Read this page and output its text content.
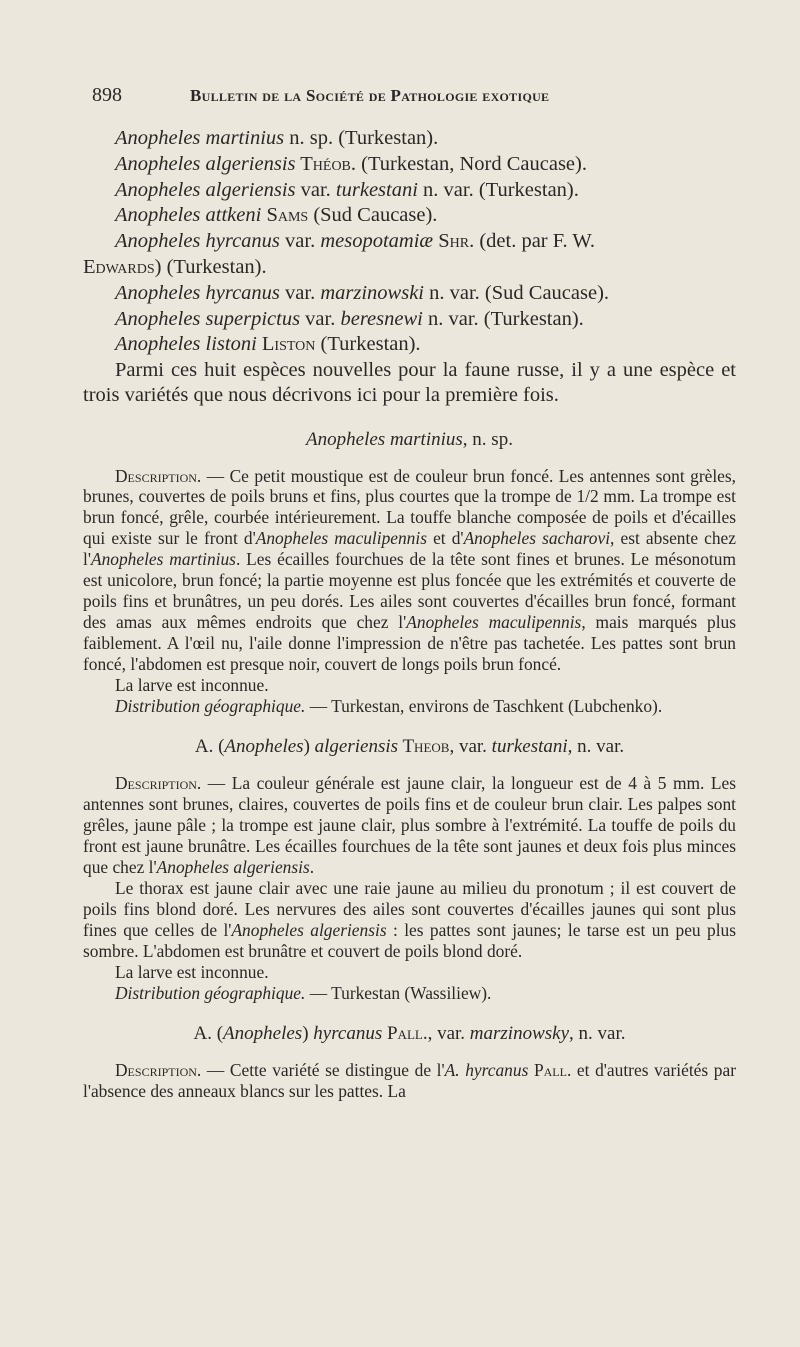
898	Bulletin de la Société de Pathologie exotique
Anopheles martinius n. sp. (Turkestan).
Anopheles algeriensis Théob. (Turkestan, Nord Caucase).
Anopheles algeriensis var. turkestani n. var. (Turkestan).
Anopheles attkeni Sams (Sud Caucase).
Anopheles hyrcanus var. mesopotamiæ Shr. (det. par F. W.
Edwards) (Turkestan).
Anopheles hyrcanus var. marzinowski n. var. (Sud Caucase).
Anopheles superpictus var. beresnewi n. var. (Turkestan).
Anopheles listoni Liston (Turkestan).

Parmi ces huit espèces nouvelles pour la faune russe, il y a une espèce et trois variétés que nous décrivons ici pour la première fois.

Anopheles martinius, n. sp.

Description. — Ce petit moustique est de couleur brun foncé. Les antennes sont grèles, brunes, couvertes de poils bruns et fins, plus courtes que la trompe de 1/2 mm. La trompe est brun foncé, grêle, courbée intérieurement. La touffe blanche composée de poils et d'écailles qui existe sur le front d'Anopheles maculipennis et d'Anopheles sacharovi, est absente chez l'Anopheles martinius. Les écailles fourchues de la tête sont fines et brunes. Le mésonotum est unicolore, brun foncé; la partie moyenne est plus foncée que les extrémités et couverte de poils fins et brunâtres, un peu dorés. Les ailes sont couvertes d'écailles brun foncé, formant des amas aux mêmes endroits que chez l'Anopheles maculipennis, mais marqués plus faiblement. A l'œil nu, l'aile donne l'impression de n'être pas tachetée. Les pattes sont brun foncé, l'abdomen est presque noir, couvert de longs poils brun foncé.

La larve est inconnue.

Distribution géographique. — Turkestan, environs de Taschkent (Lubchenko).

A. (Anopheles) algeriensis Theob, var. turkestani, n. var.

Description. — La couleur générale est jaune clair, la longueur est de 4 à 5 mm. Les antennes sont brunes, claires, couvertes de poils fins et de couleur brun clair. Les palpes sont grêles, jaune pâle ; la trompe est jaune clair, plus sombre à l'extrémité. La touffe de poils du front est jaune brunâtre. Les écailles fourchues de la tête sont jaunes et deux fois plus minces que chez l'Anopheles algeriensis.

Le thorax est jaune clair avec une raie jaune au milieu du pronotum ; il est couvert de poils fins blond doré. Les nervures des ailes sont couvertes d'écailles jaunes qui sont plus fines que celles de l'Anopheles algeriensis : les pattes sont jaunes; le tarse est un peu plus sombre. L'abdomen est brunâtre et couvert de poils blond doré.

La larve est inconnue.

Distribution géographique. — Turkestan (Wassiliew).

A. (Anopheles) hyrcanus Pall., var. marzinowsky, n. var.

Description. — Cette variété se distingue de l'A. hyrcanus Pall. et d'autres variétés par l'absence des anneaux blancs sur les pattes. La
